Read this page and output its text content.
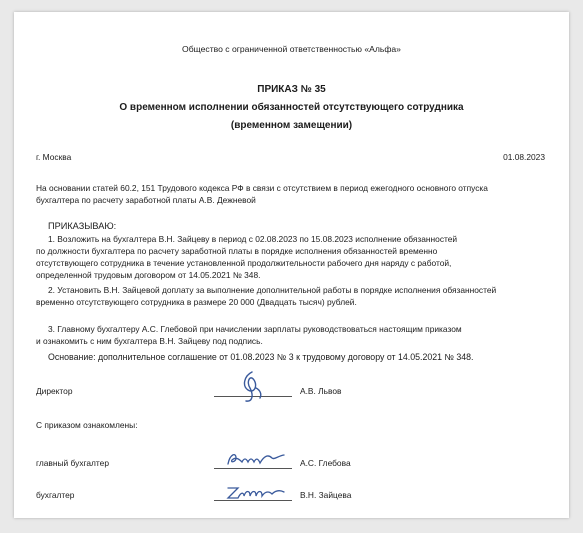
Общество с ограниченной ответственностью «Альфа»
ПРИКАЗ № 35
О временном исполнении обязанностей отсутствующего сотрудника
(временном замещении)
г. Москва	01.08.2023
На основании статей 60.2, 151 Трудового кодекса РФ в связи с отсутствием в период ежегодного основного отпуска
бухгалтера по расчету заработной платы А.В. Дежневой
ПРИКАЗЫВАЮ:
1. Возложить на бухгалтера В.Н. Зайцеву в период с 02.08.2023 по 15.08.2023 исполнение обязанностей
по должности бухгалтера по расчету заработной платы в порядке исполнения обязанностей временно
отсутствующего сотрудника в течение установленной продолжительности рабочего дня наряду с работой,
определенной трудовым договором от 14.05.2021 № 348.
2. Установить В.Н. Зайцевой доплату за выполнение дополнительной работы в порядке исполнения обязанностей
временно отсутствующего сотрудника в размере 20 000 (Двадцать тысяч) рублей.
3. Главному бухгалтеру А.С. Глебовой при начислении зарплаты руководствоваться настоящим приказом
и ознакомить с ним бухгалтера В.Н. Зайцеву под подпись.
Основание: дополнительное соглашение от 01.08.2023 № 3 к трудовому договору от 14.05.2021 № 348.
Директор	А.В. Львов
С приказом ознакомлены:
главный бухгалтер	А.С. Глебова
бухгалтер	В.Н. Зайцева
